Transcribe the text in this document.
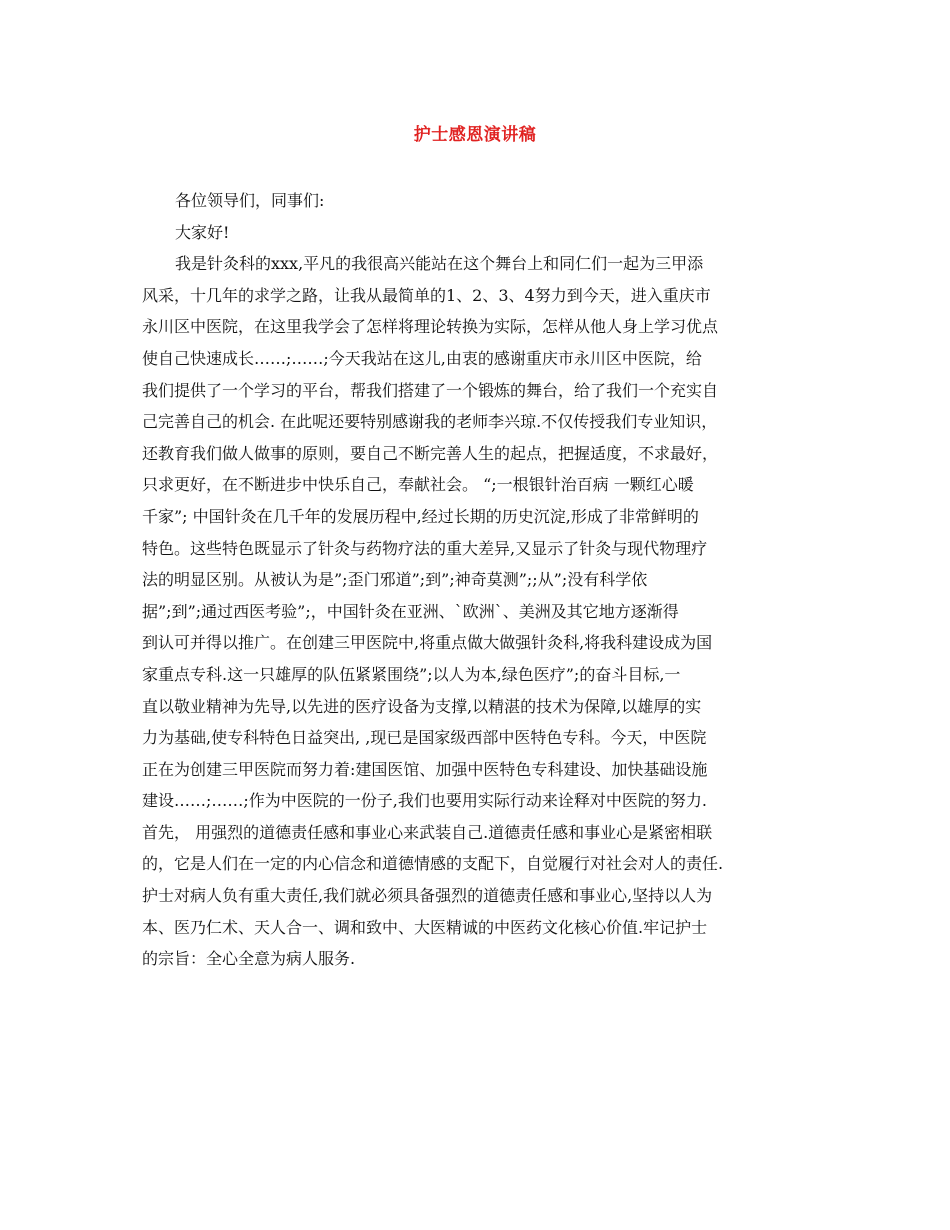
护士感恩演讲稿
各位领导们，同事们:
大家好!
我是针灸科的xxx,平凡的我很高兴能站在这个舞台上和同仁们一起为三甲添
风采，十几年的求学之路，让我从最简单的1、2、3、4努力到今天，进入重庆市
永川区中医院，在这里我学会了怎样将理论转换为实际，怎样从他人身上学习优点
使自己快速成长……;……;今天我站在这儿,由衷的感谢重庆市永川区中医院，给
我们提供了一个学习的平台，帮我们搭建了一个锻炼的舞台，给了我们一个充实自
己完善自己的机会. 在此呢还要特别感谢我的老师李兴琼.不仅传授我们专业知识，
还教育我们做人做事的原则，要自己不断完善人生的起点，把握适度，不求最好，
只求更好，在不断进步中快乐自己，奉献社会。 “;一根银针治百病 一颗红心暖
千家”; 中国针灸在几千年的发展历程中,经过长期的历史沉淀,形成了非常鲜明的
特色。这些特色既显示了针灸与药物疗法的重大差异,又显示了针灸与现代物理疗
法的明显区别。从被认为是”;歪门邪道”;到”;神奇莫测”;;从”;没有科学依
据”;到”;通过西医考验”;，中国针灸在亚洲、`欧洲`、美洲及其它地方逐渐得
到认可并得以推广。在创建三甲医院中,将重点做大做强针灸科,将我科建设成为国
家重点专科.这一只雄厚的队伍紧紧围绕”;以人为本,绿色医疗”;的奋斗目标,一
直以敬业精神为先导,以先进的医疗设备为支撑,以精湛的技术为保障,以雄厚的实
力为基础,使专科特色日益突出, ,现已是国家级西部中医特色专科。今天，中医院
正在为创建三甲医院而努力着:建国医馆、加强中医特色专科建设、加快基础设施
建设……;……;作为中医院的一份子,我们也要用实际行动来诠释对中医院的努力.
首先， 用强烈的道德责任感和事业心来武装自己.道德责任感和事业心是紧密相联
的，它是人们在一定的内心信念和道德情感的支配下，自觉履行对社会对人的责任.
护士对病人负有重大责任,我们就必须具备强烈的道德责任感和事业心,坚持以人为
本、医乃仁术、天人合一、调和致中、大医精诚的中医药文化核心价值.牢记护士
的宗旨：全心全意为病人服务.
